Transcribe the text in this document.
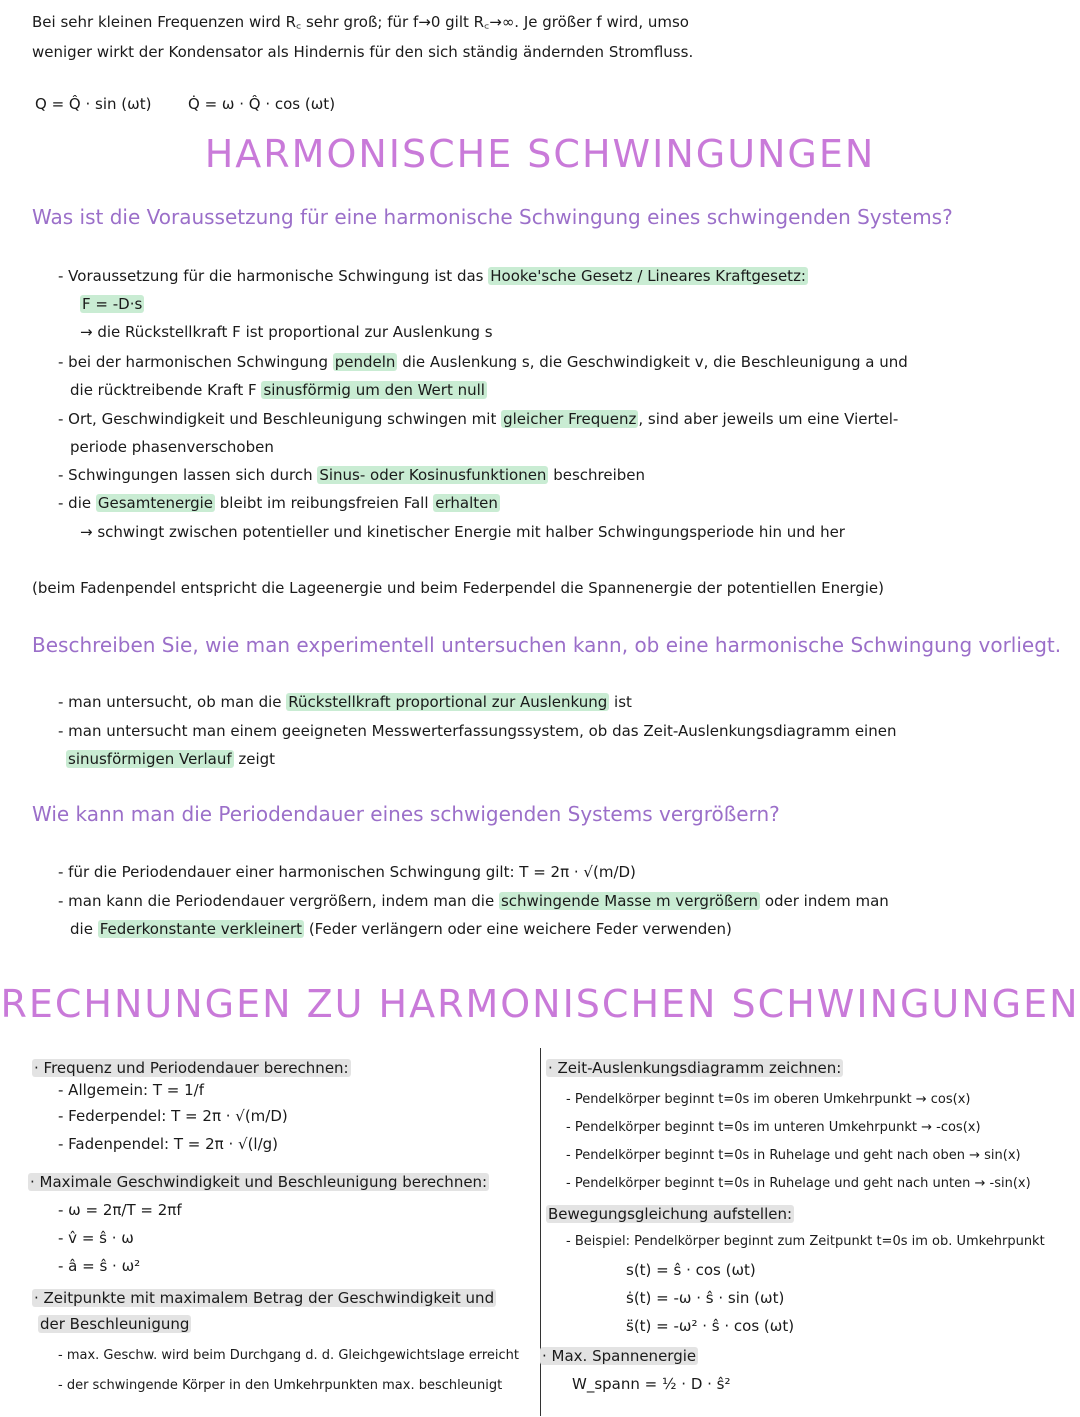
Bei sehr kleinen Frequenzen wird R꜀ sehr groß; für f→0 gilt R꜀→∞. Je größer f wird, umso
weniger wirkt der Kondensator als Hindernis für den sich ständig ändernden Stromfluss.
Q = Q̂ · sin (ωt) Q̇ = ω · Q̂ · cos (ωt)
HARMONISCHE SCHWINGUNGEN
Was ist die Voraussetzung für eine harmonische Schwingung eines schwingenden Systems?
- Voraussetzung für die harmonische Schwingung ist das Hooke'sche Gesetz / Lineares Kraftgesetz:
F = -D·s
→ die Rückstellkraft F ist proportional zur Auslenkung s
- bei der harmonischen Schwingung pendeln die Auslenkung s, die Geschwindigkeit v, die Beschleunigung a und
die rücktreibende Kraft F sinusförmig um den Wert null
- Ort, Geschwindigkeit und Beschleunigung schwingen mit gleicher Frequenz , sind aber jeweils um eine Viertel-
periode phasenverschoben
- Schwingungen lassen sich durch Sinus- oder Kosinusfunktionen beschreiben
- die Gesamtenergie bleibt im reibungsfreien Fall erhalten
→ schwingt zwischen potentieller und kinetischer Energie mit halber Schwingungsperiode hin und her
(beim Fadenpendel entspricht die Lageenergie und beim Federpendel die Spannenergie der potentiellen Energie)
Beschreiben Sie, wie man experimentell untersuchen kann, ob eine harmonische Schwingung vorliegt.
- man untersucht, ob man die Rückstellkraft proportional zur Auslenkung ist
- man untersucht man einem geeigneten Messwerterfassungssystem, ob das Zeit-Auslenkungsdiagramm einen
sinusförmigen Verlauf zeigt
Wie kann man die Periodendauer eines schwigenden Systems vergrößern?
- für die Periodendauer einer harmonischen Schwingung gilt: T = 2π · √(m/D)
- man kann die Periodendauer vergrößern, indem man die schwingende Masse m vergrößern oder indem man
die Federkonstante verkleinert (Feder verlängern oder eine weichere Feder verwenden)
RECHNUNGEN ZU HARMONISCHEN SCHWINGUNGEN
· Frequenz und Periodendauer berechnen:
- Allgemein: T = 1/f
- Federpendel: T = 2π · √(m/D)
- Fadenpendel: T = 2π · √(l/g)
· Maximale Geschwindigkeit und Beschleunigung berechnen:
- ω = 2π/T = 2πf
- v̂ = ŝ · ω
- â = ŝ · ω²
· Zeitpunkte mit maximalem Betrag der Geschwindigkeit und
der Beschleunigung
- max. Geschw. wird beim Durchgang d. d. Gleichgewichtslage erreicht
- der schwingende Körper in den Umkehrpunkten max. beschleunigt
· Zeit-Auslenkungsdiagramm zeichnen:
- Pendelkörper beginnt t=0s im oberen Umkehrpunkt → cos(x)
- Pendelkörper beginnt t=0s im unteren Umkehrpunkt → -cos(x)
- Pendelkörper beginnt t=0s in Ruhelage und geht nach oben → sin(x)
- Pendelkörper beginnt t=0s in Ruhelage und geht nach unten → -sin(x)
Bewegungsgleichung aufstellen:
- Beispiel: Pendelkörper beginnt zum Zeitpunkt t=0s im ob. Umkehrpunkt
s(t) = ŝ · cos (ωt)
ṡ(t) = -ω · ŝ · sin (ωt)
s̈(t) = -ω² · ŝ · cos (ωt)
· Max. Spannenergie
W_spann = ½ · D · ŝ²
